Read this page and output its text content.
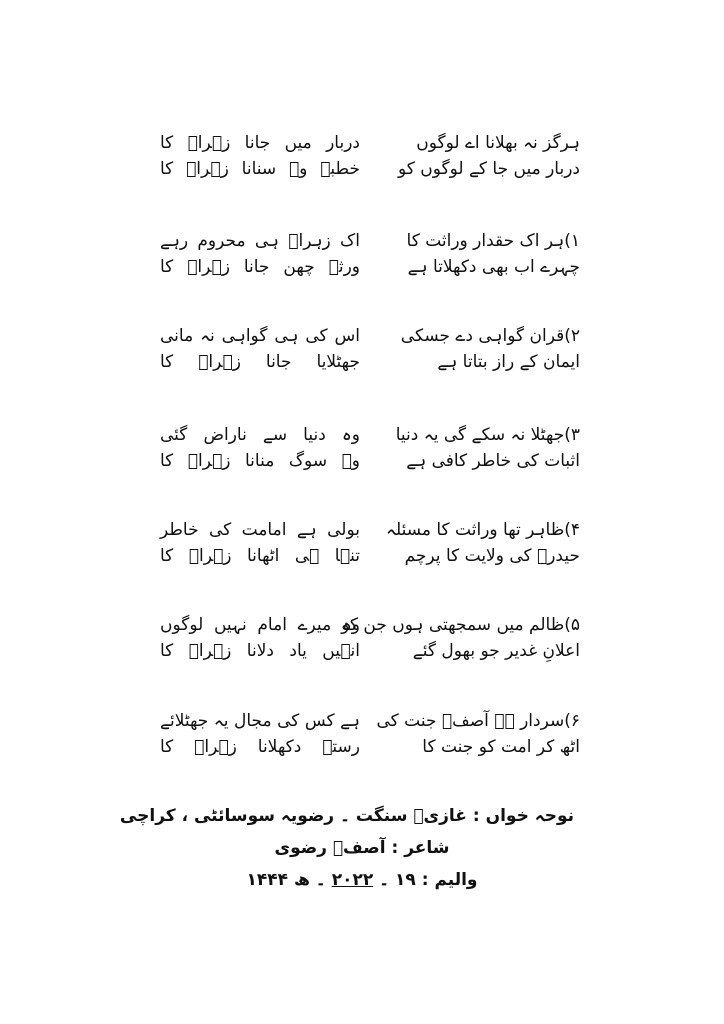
ہرگز نہ بھلانا اے لوگوں
دربار میں جانا زہراؑ کا
دربار میں جا کے لوگوں کو
خطبہ وہ سنانا زہراؑ کا
۱)ہر اک حقدار وراثت کا
اک زہراؑ ہی محروم رہے
چہرے اب بھی دکھلاتا ہے
ورثہ چھن جانا زہراؑ کا
۲)قران گواہی دے جسکی
اس کی ہی گواہی نہ مانی
ایمان کے راز بتاتا ہے
جھٹلایا جانا زہراؑ کا
۳)جھٹلا نہ سکے گی یہ دنیا
وہ دنیا سے ناراض گئی
اثبات کی خاطر کافی ہے
وہ سوگ منانا زہراؑ کا
۴)ظاہر تھا وراثت کا مسئلہ
بولی ہے امامت کی خاطر
حیدرؑ کی ولایت کا پرچم
تنہا ہی اٹھانا زہراؑ کا
۵)ظالم میں سمجھتی ہوں جن کو
وہ میرے امام نہیں لوگوں
اعلانِ غدیر جو بھول گئے
انہیں یاد دلانا زہراؑ کا
۶)سردار ہے آصفؔ جنت کی
ہے کس کی مجال یہ جھٹلائے
اٹھ کر امت کو جنت کا
رستہ دکھلانا زہراؑ کا
نوحہ خواں : غازیؑ سنگت ۔ رضویہ سوسائٹی ، کراچی
شاعر : آصفؔ رضوی
والیم : ۱۹ ۔ ۲۰۲۲ ۔ ھ ۱۴۴۴
